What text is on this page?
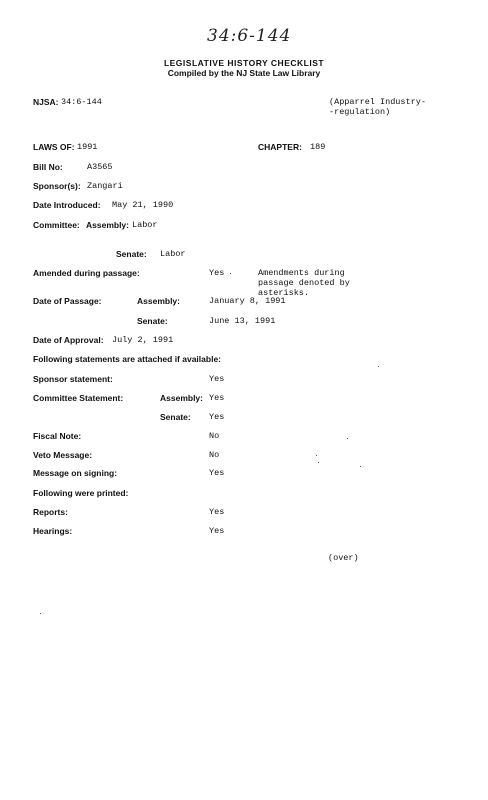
34:6-144
LEGISLATIVE HISTORY CHECKLIST
Compiled by the NJ State Law Library
NJSA: 34:6-144	(Apparrel Industry--regulation)
LAWS OF: 1991	CHAPTER: 189
Bill No:	A3565
Sponsor(s): Zangari
Date Introduced: May 21, 1990
Committee: Assembly: Labor
Senate: Labor
Amended during passage:	Yes	Amendments during passage denoted by asterisks.
Date of Passage:	Assembly:	January 8, 1991
Senate:	June 13, 1991
Date of Approval: July 2, 1991
Following statements are attached if available:
Sponsor statement:	Yes
Committee Statement:	Assembly: Yes
Senate: Yes
Fiscal Note:	No
Veto Message:	No
Message on signing:	Yes
Following were printed:
Reports:	Yes
Hearings:	Yes
(over)
